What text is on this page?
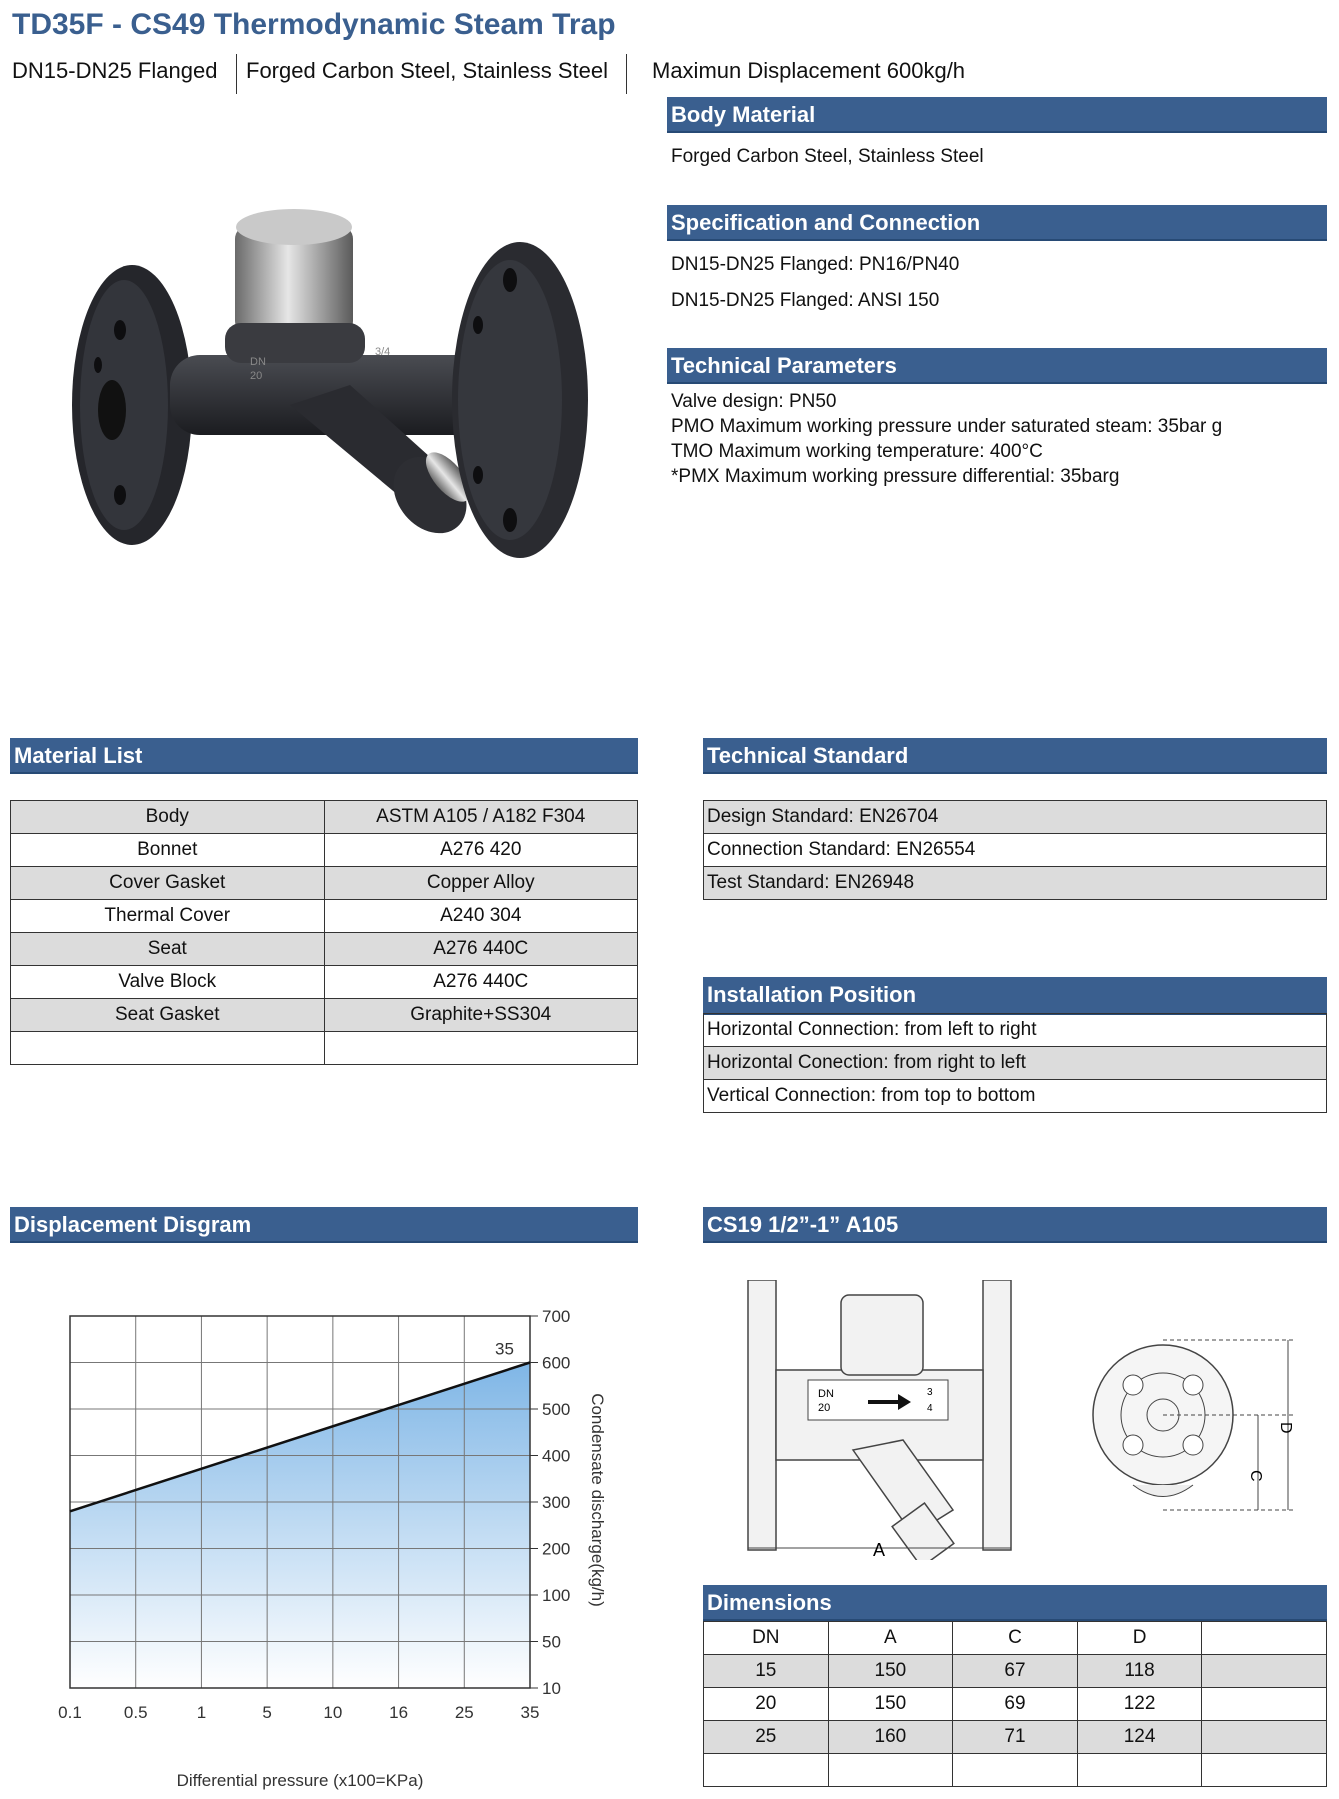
TD35F - CS49 Thermodynamic Steam Trap
DN15-DN25 Flanged Forged Carbon Steel, Stainless Steel Maximun Displacement 600kg/h
Body Material
Forged Carbon Steel, Stainless Steel
Specification and Connection
DN15-DN25 Flanged: PN16/PN40
DN15-DN25 Flanged: ANSI 150
Technical Parameters
Valve design: PN50
PMO Maximum working pressure under saturated steam: 35bar g
TMO Maximum working temperature: 400°C
*PMX Maximum working pressure differential: 35barg
DN
20
3/4
Material List
Body	ASTM A105 / A182 F304
Bonnet	A276 420
Cover Gasket	Copper Alloy
Thermal Cover	A240 304
Seat	A276 440C
Valve Block	A276 440C
Seat Gasket	Graphite+SS304

Technical Standard
Design Standard: EN26704
Connection Standard: EN26554
Test Standard: EN26948
Installation Position
Horizontal Connection: from left to right
Horizontal Conection: from right to left
Vertical Connection: from top to bottom
Displacement Disgram
0.1 0.5	1	5	10	16	25	35
10
50
100
200
300
400
500
600
700
35
Differential pressure (x100=KPa)
Condensate discharge(kg/h)
CS19 1/2”-1” A105
DN
20
3
4
A
C
D
Dimensions
DN	A	C	D	
15	150	67	118	
20	150	69	122	
25	160	71	124	
